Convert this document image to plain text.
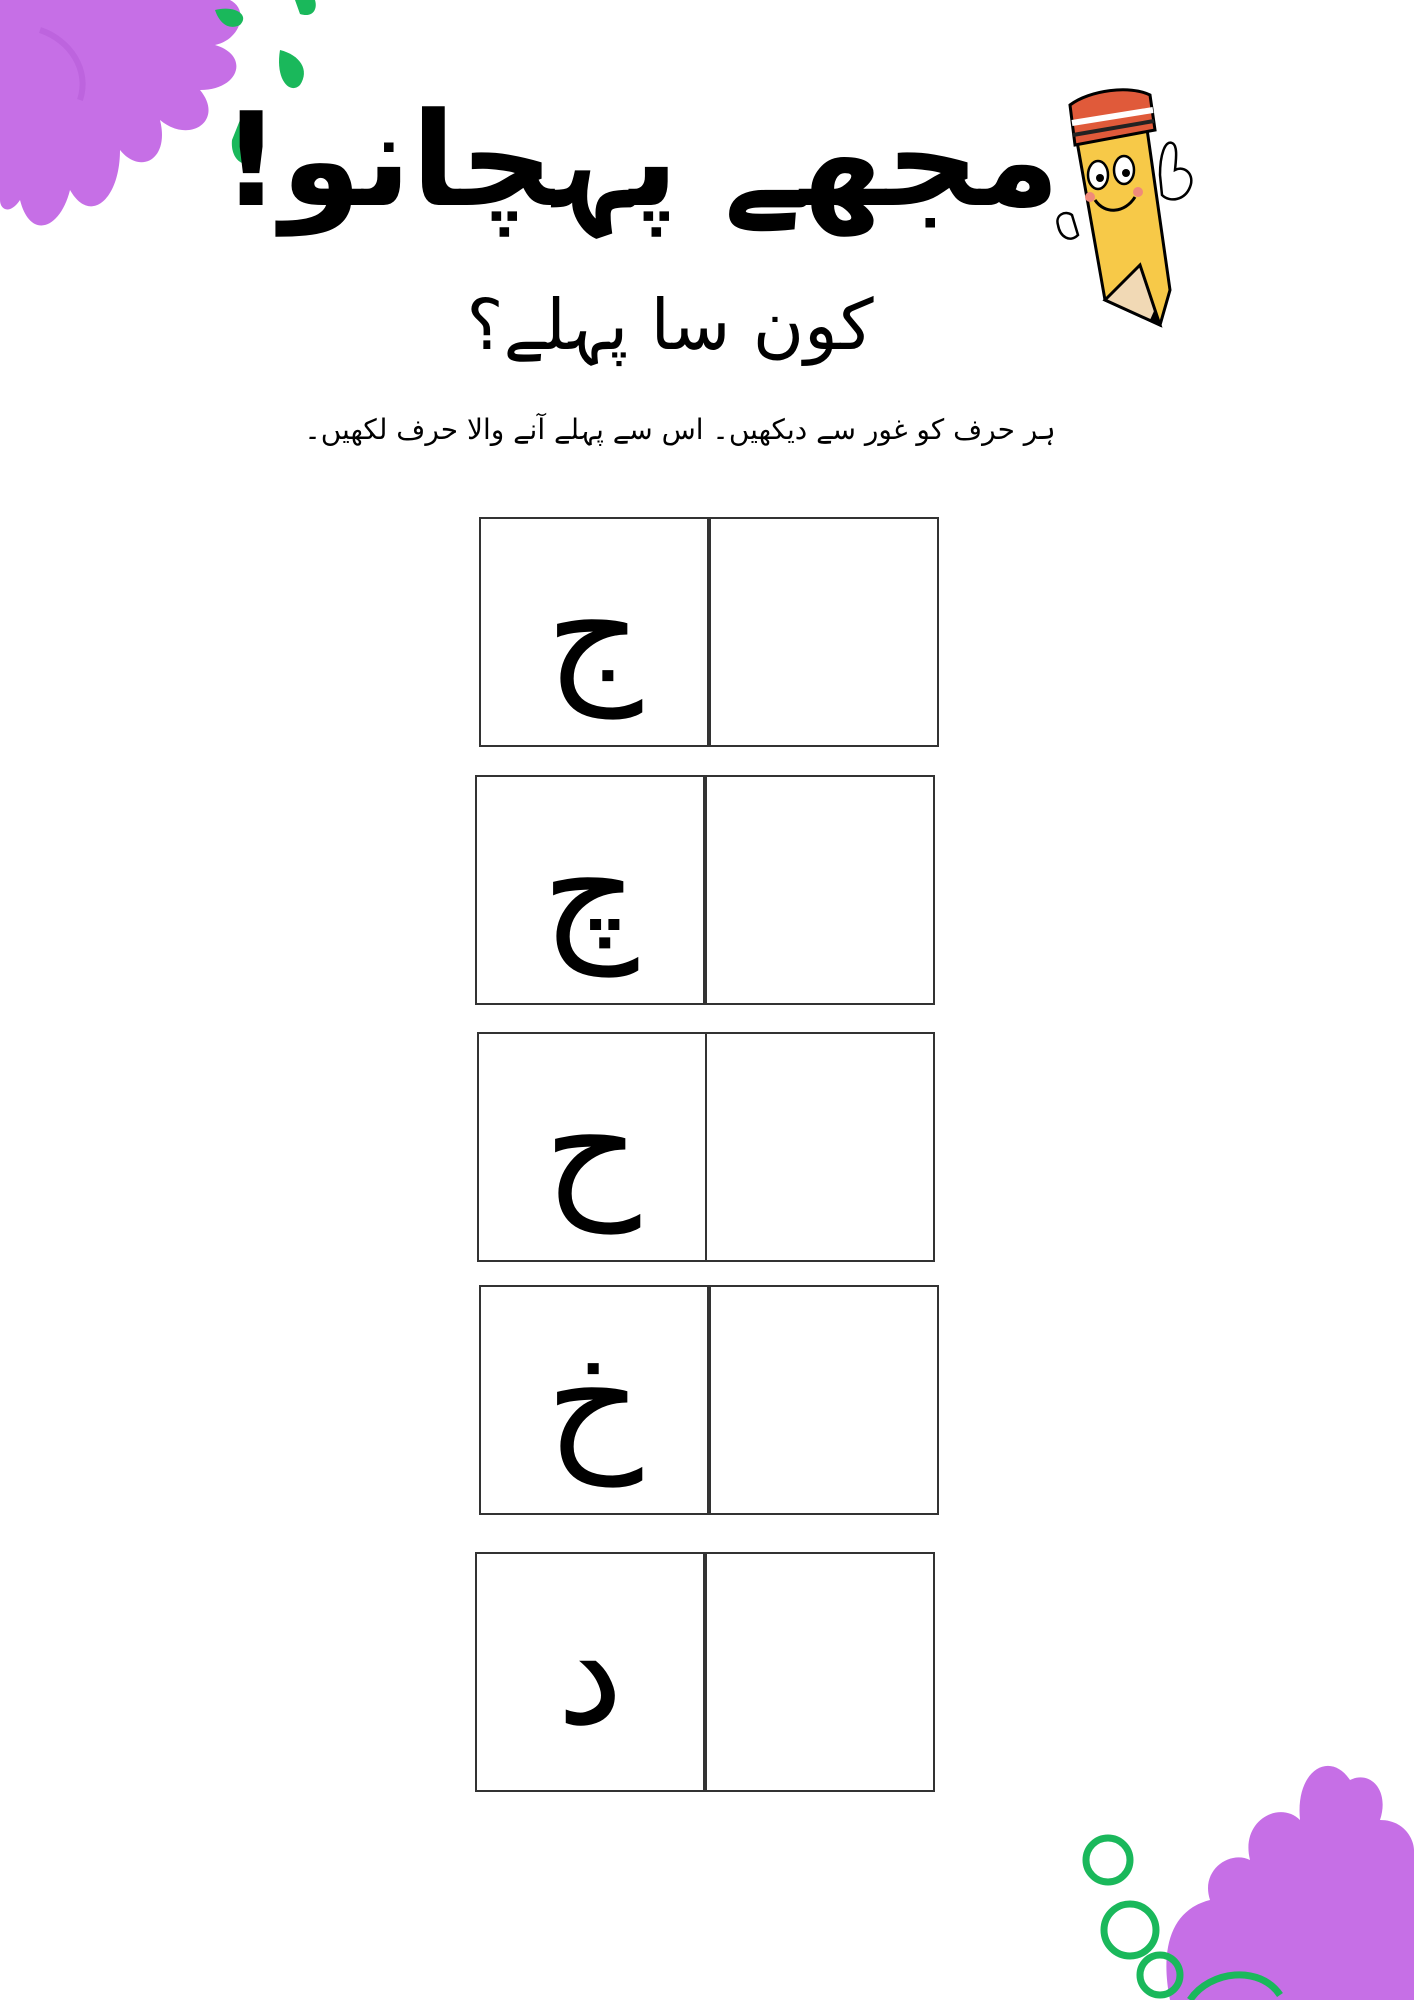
مجھے پہچانو!
کون سا پہلے؟
ہر حرف کو غور سے دیکھیں۔ اس سے پہلے آنے والا حرف لکھیں۔
ج
چ
ح
خ
د
